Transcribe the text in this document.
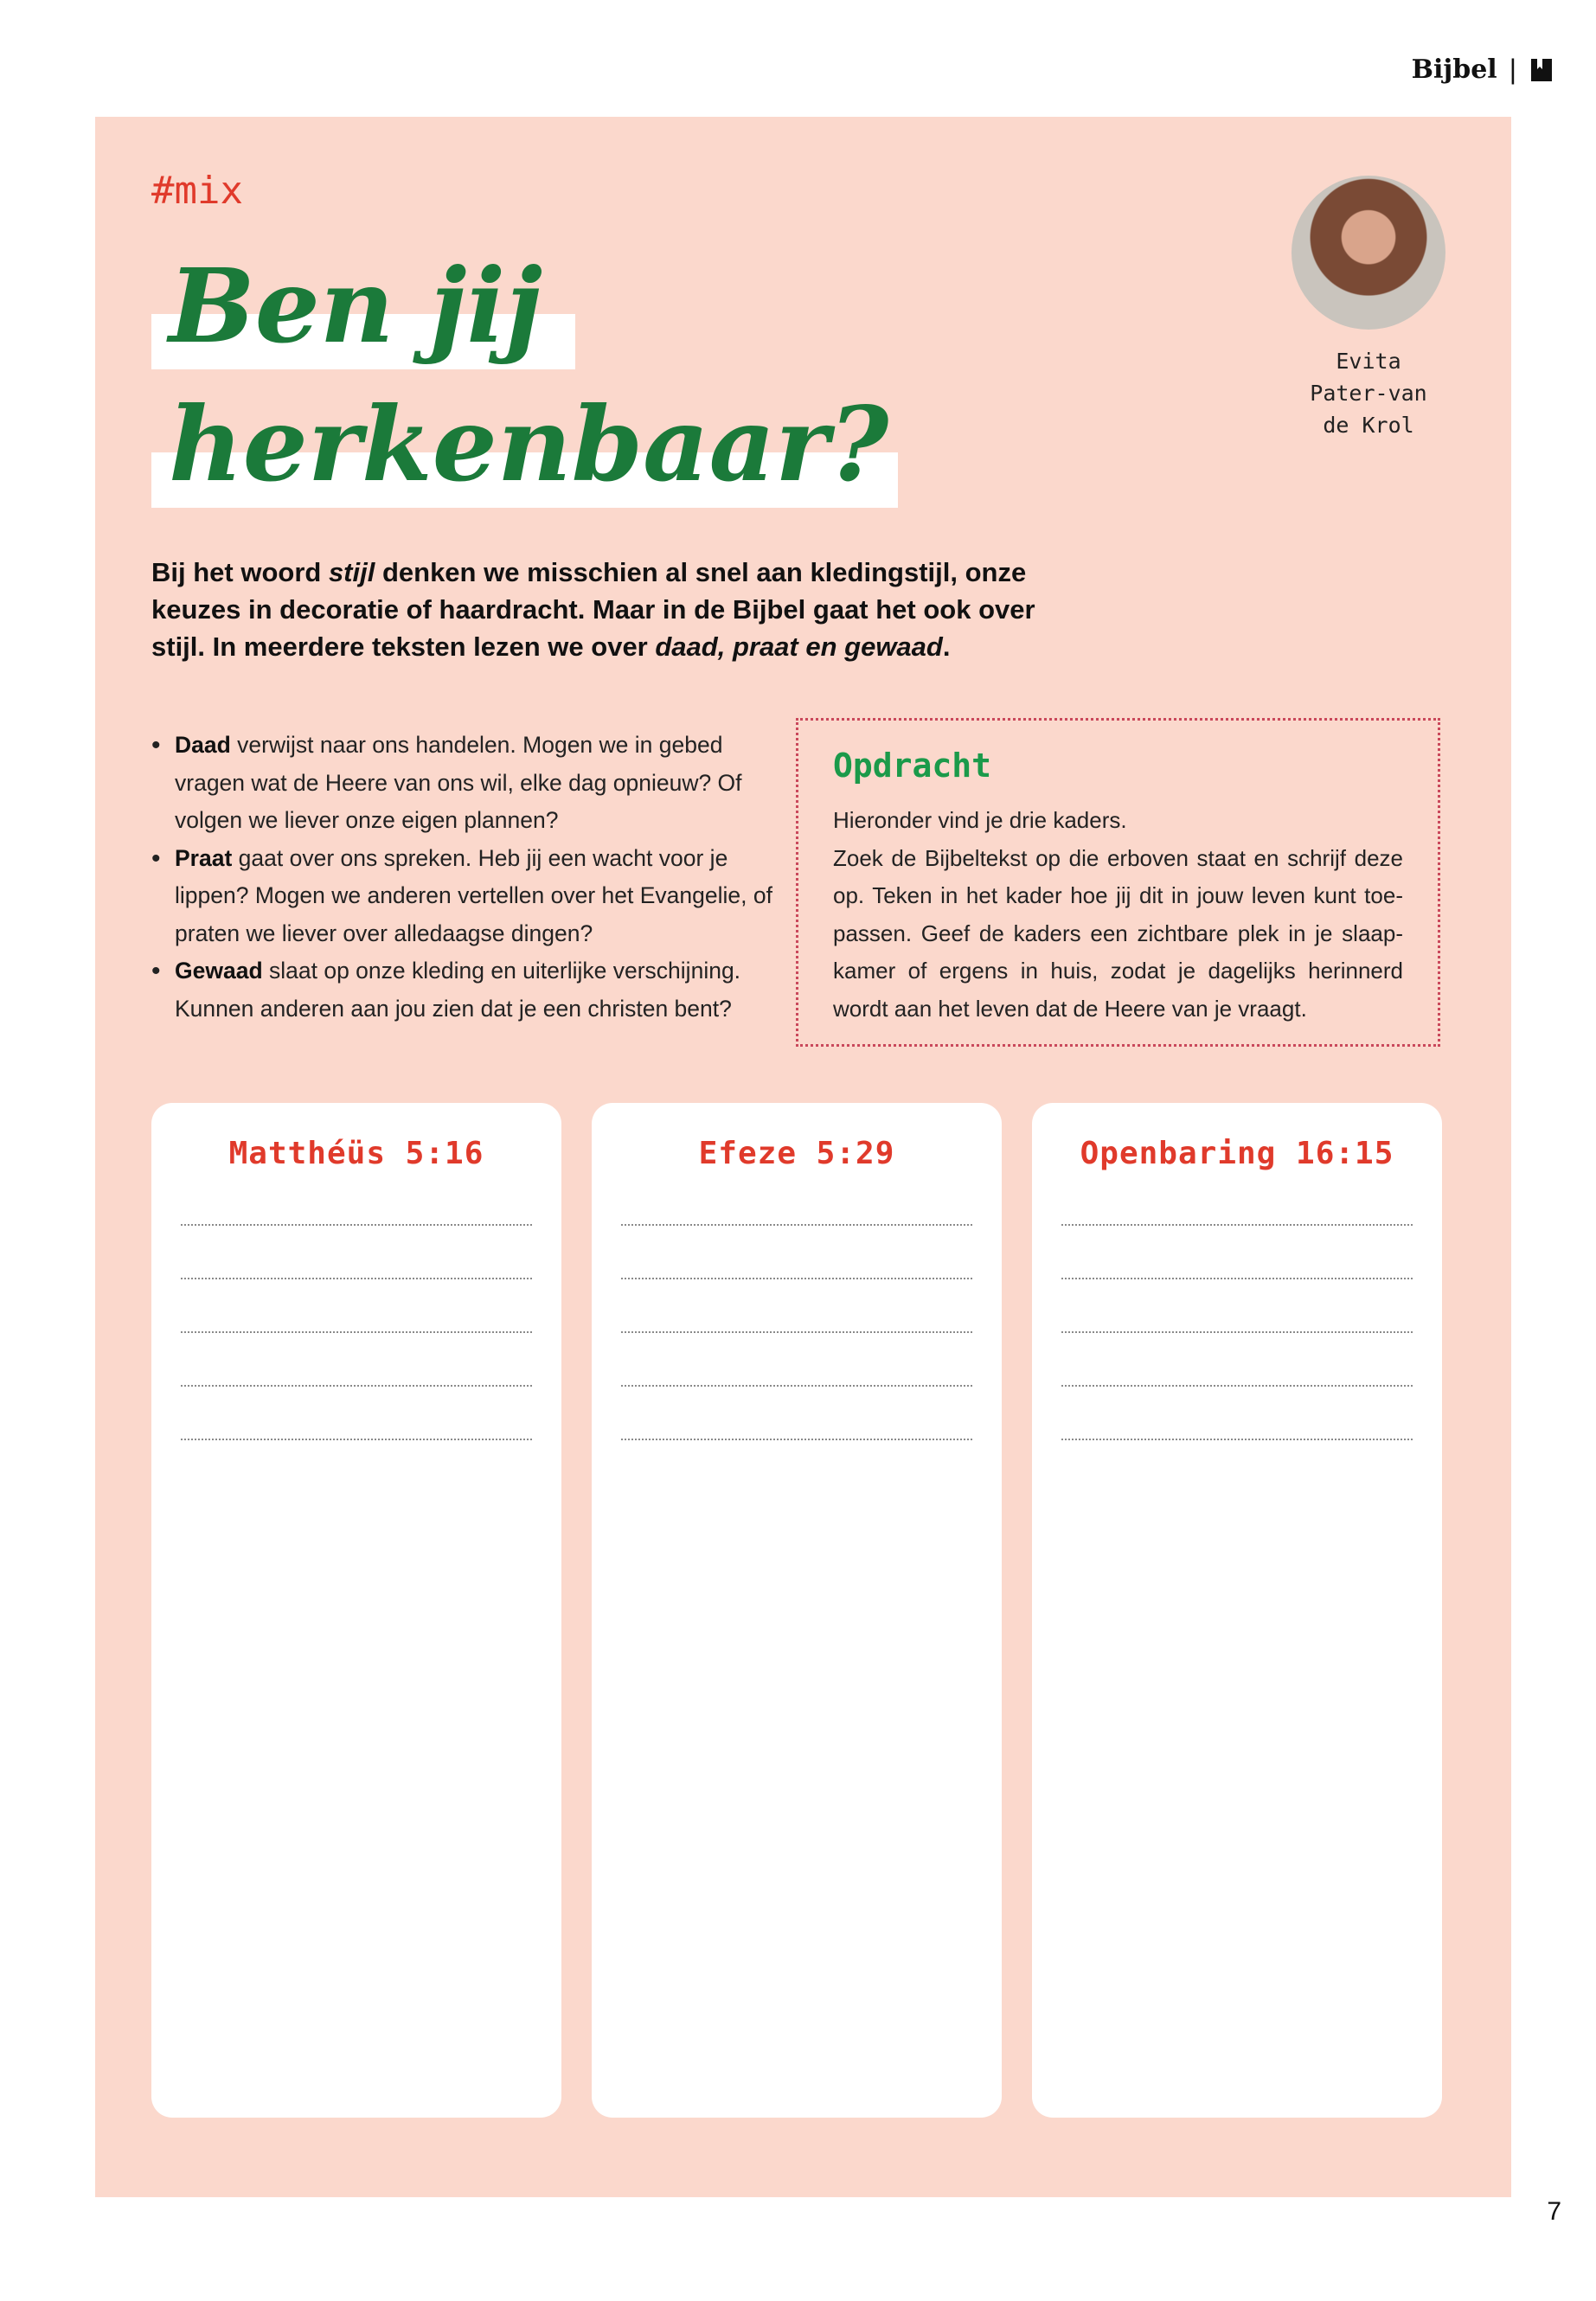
Bijbel |
#mix
Ben jij
herkenbaar?
Evita
Pater-van
de Krol

Bij het woord stijl denken we misschien al snel aan kledingstijl, onze keuzes in decoratie of haardracht. Maar in de Bijbel gaat het ook over stijl. In meerdere teksten lezen we over daad, praat en gewaad.

• Daad verwijst naar ons handelen. Mogen we in gebed vragen wat de Heere van ons wil, elke dag opnieuw? Of volgen we liever onze eigen plannen?
• Praat gaat over ons spreken. Heb jij een wacht voor je lippen? Mogen we anderen vertellen over het Evangelie, of praten we liever over alledaagse dingen?
• Gewaad slaat op onze kleding en uiterlijke verschijning. Kunnen anderen aan jou zien dat je een christen bent?
Opdracht
Hieronder vind je drie kaders.
Zoek de Bijbeltekst op die erboven staat en schrijf deze op. Teken in het kader hoe jij dit in jouw leven kunt toepassen. Geef de kaders een zichtbare plek in je slaapkamer of ergens in huis, zodat je dagelijks herinnerd wordt aan het leven dat de Heere van je vraagt.
Matthéüs 5:16	Efeze 5:29	Openbaring 16:15
7
